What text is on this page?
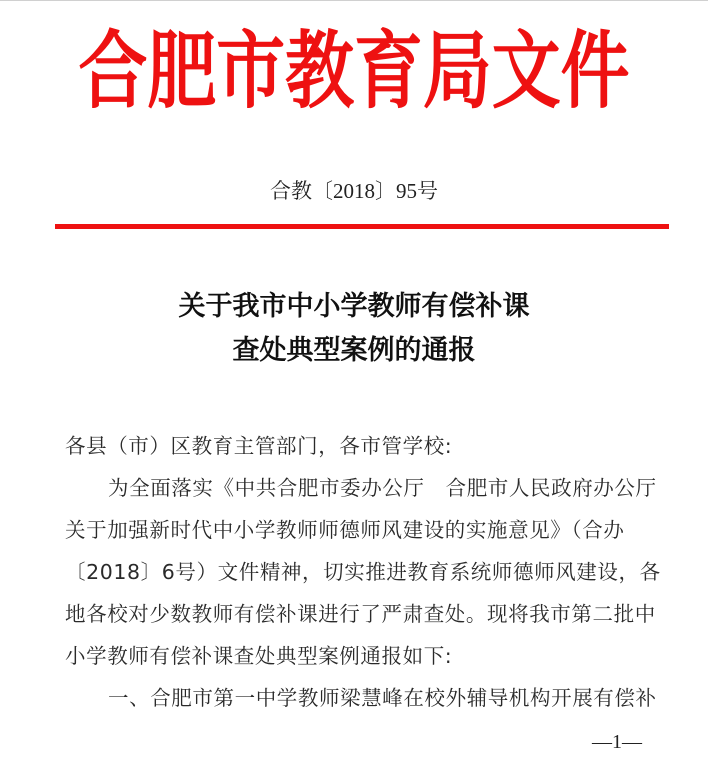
合肥市教育局文件
合教〔2018〕95号
关于我市中小学教师有偿补课
查处典型案例的通报
各县（市）区教育主管部门，各市管学校:
为全面落实《中共合肥市委办公厅　合肥市人民政府办公厅
关于加强新时代中小学教师师德师风建设的实施意见》（合办
〔2018〕6号）文件精神，切实推进教育系统师德师风建设，各
地各校对少数教师有偿补课进行了严肃查处。现将我市第二批中
小学教师有偿补课查处典型案例通报如下:
一、合肥市第一中学教师梁慧峰在校外辅导机构开展有偿补
—1—
